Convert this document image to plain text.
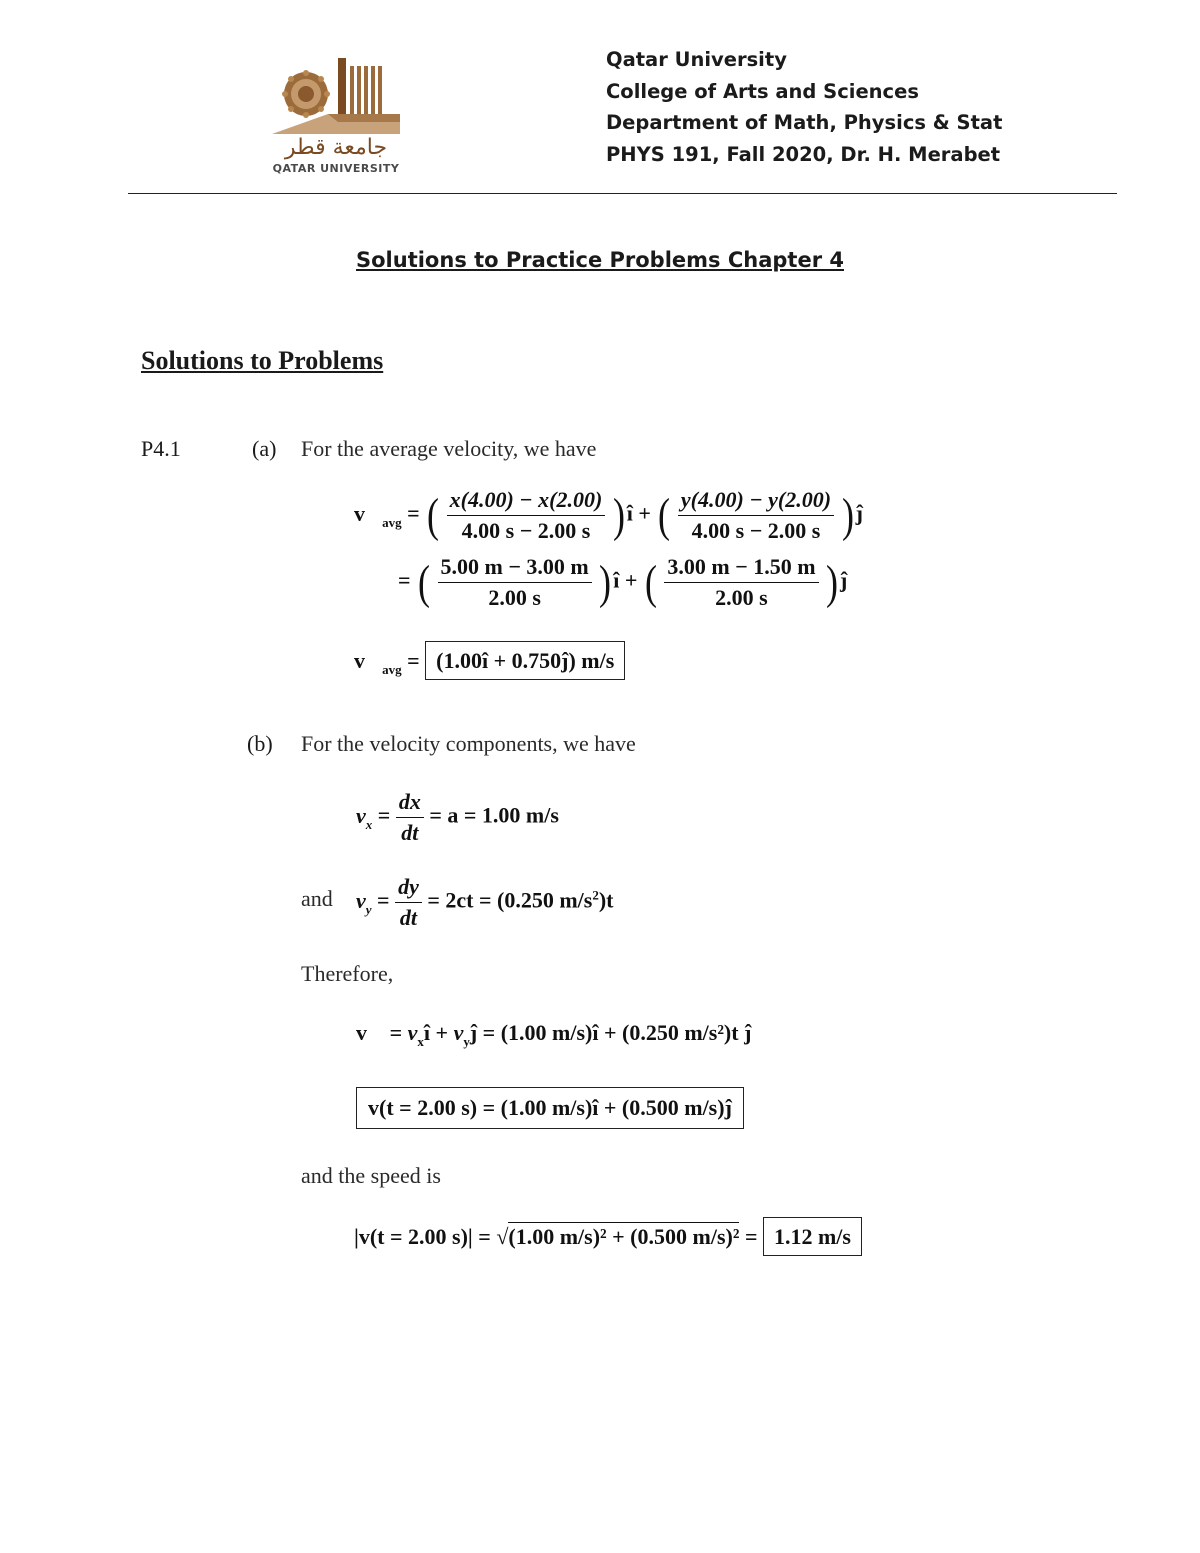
جامعة قطر
QATAR UNIVERSITY
Qatar University
College of Arts and Sciences
Department of Math, Physics & Stat
PHYS 191, Fall 2020, Dr. H. Merabet
Solutions to Practice Problems Chapter 4
Solutions to Problems
P4.1	(a) For the average velocity, we have
$v⃗_{avg}$ = ( $\frac{x(4.00) - x(2.00)}{4.00 s - 2.00 s}$ )î + ( $\frac{y(4.00) - y(2.00)}{4.00 s - 2.00 s}$ )ĵ
= ( $\frac{5.00 m - 3.00 m}{2.00 s}$ )î + ( $\frac{3.00 m - 1.50 m}{2.00 s}$ )ĵ
$v⃗_{avg}$ = (1.00î + 0.750ĵ) m/s
(b) For the velocity components, we have
$v_x = \frac{dx}{dt} = a = 1.00$ m/s
and $v_y = \frac{dy}{dt} = 2ct = (0.250$ $m/s^2)t$
Therefore,
v⃗ = $v_xî$ + $v_yĵ = (1.00$ m/s)î + (0.250 m/s²)t ĵ
v(t = 2.00 s) = (1.00 m/s)î + (0.500 m/s)ĵ
and the speed is
|v(t = 2.00 s)| = √(1.00 m/s)² + (0.500 m/s)² = 1.12 m/s
